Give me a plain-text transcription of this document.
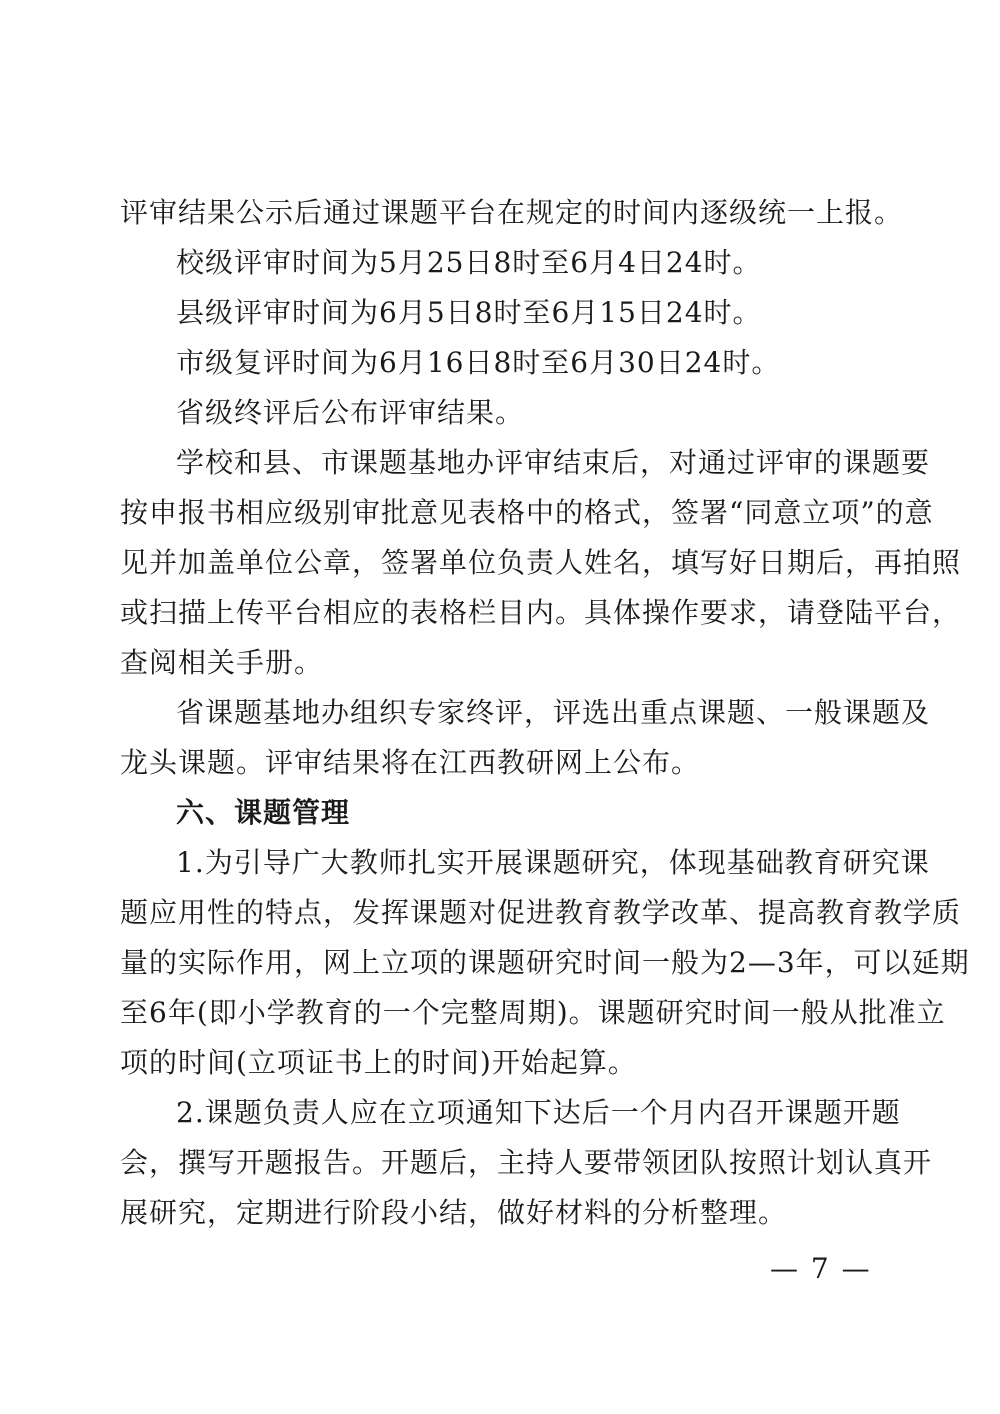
评审结果公示后通过课题平台在规定的时间内逐级统一上报。
校级评审时间为5月25日8时至6月4日24时。
县级评审时间为6月5日8时至6月15日24时。
市级复评时间为6月16日8时至6月30日24时。
省级终评后公布评审结果。
学校和县、市课题基地办评审结束后，对通过评审的课题要
按申报书相应级别审批意见表格中的格式，签署“同意立项”的意
见并加盖单位公章，签署单位负责人姓名，填写好日期后，再拍照
或扫描上传平台相应的表格栏目内。具体操作要求，请登陆平台，
查阅相关手册。
省课题基地办组织专家终评，评选出重点课题、一般课题及
龙头课题。评审结果将在江西教研网上公布。
六、课题管理
1.为引导广大教师扎实开展课题研究，体现基础教育研究课
题应用性的特点，发挥课题对促进教育教学改革、提高教育教学质
量的实际作用，网上立项的课题研究时间一般为2—3年，可以延期
至6年(即小学教育的一个完整周期)。课题研究时间一般从批准立
项的时间(立项证书上的时间)开始起算。
2.课题负责人应在立项通知下达后一个月内召开课题开题
会，撰写开题报告。开题后，主持人要带领团队按照计划认真开
展研究，定期进行阶段小结，做好材料的分析整理。
— 7 —
